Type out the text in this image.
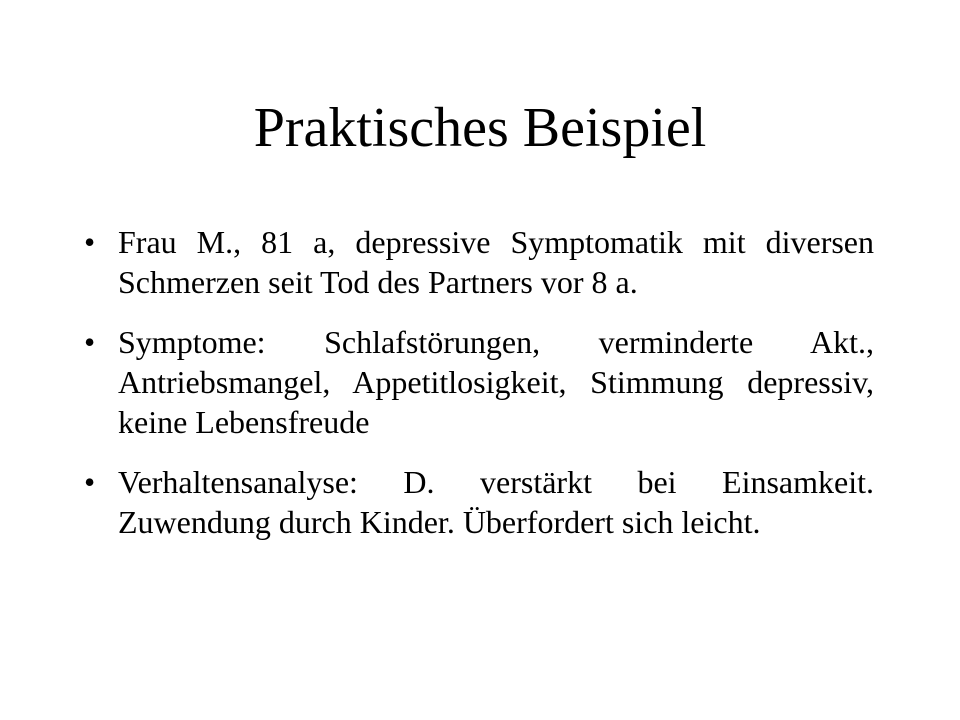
Praktisches Beispiel
• Frau M., 81 a, depressive Symptomatik mit diversen Schmerzen seit Tod des Partners vor 8 a.
• Symptome: Schlafstörungen, verminderte Akt., Antriebsmangel, Appetitlosigkeit, Stimmung depressiv, keine Lebensfreude
• Verhaltensanalyse: D. verstärkt bei Einsamkeit. Zuwendung durch Kinder. Überfordert sich leicht.
